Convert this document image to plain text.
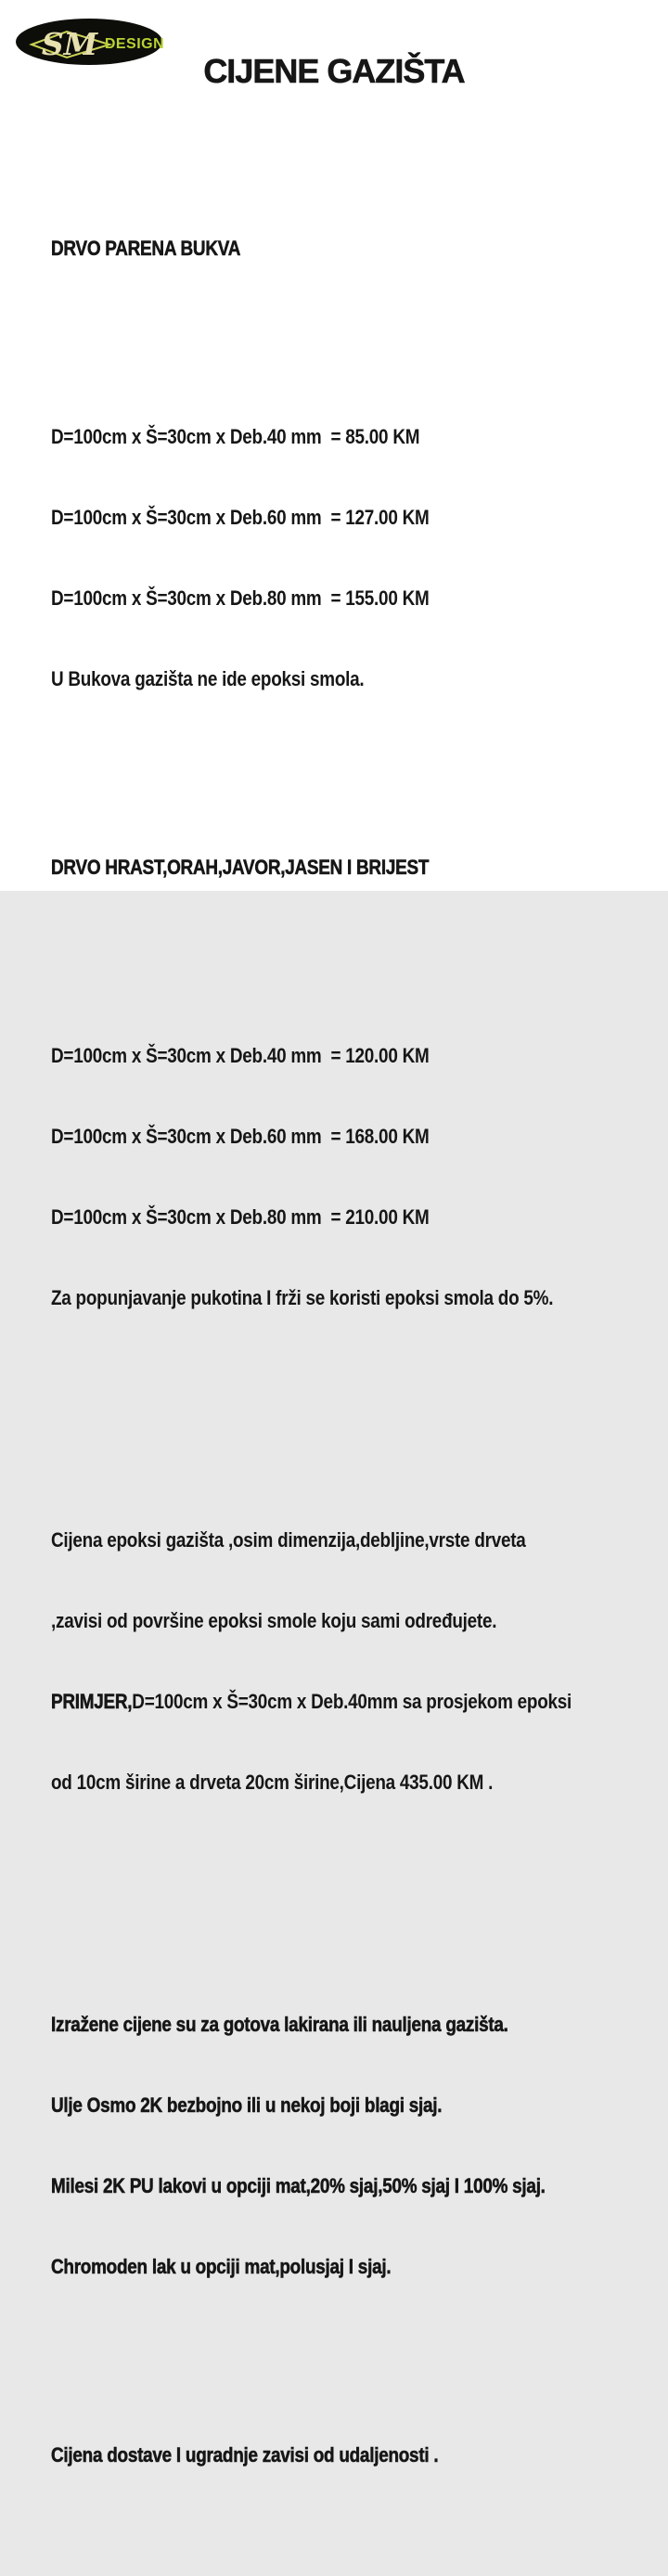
SM DESIGN
CIJENE GAZIŠTA

DRVO PARENA BUKVA

D=100cm x Š=30cm x Deb.40 mm  = 85.00 KM

D=100cm x Š=30cm x Deb.60 mm  = 127.00 KM

D=100cm x Š=30cm x Deb.80 mm  = 155.00 KM

U Bukova gazišta ne ide epoksi smola.

DRVO HRAST,ORAH,JAVOR,JASEN I BRIJEST

D=100cm x Š=30cm x Deb.40 mm  = 120.00 KM

D=100cm x Š=30cm x Deb.60 mm  = 168.00 KM

D=100cm x Š=30cm x Deb.80 mm  = 210.00 KM

Za popunjavanje pukotina I frži se koristi epoksi smola do 5%.

Cijena epoksi gazišta ,osim dimenzija,debljine,vrste drveta

,zavisi od površine epoksi smole koju sami određujete.

PRIMJER,D=100cm x Š=30cm x Deb.40mm sa prosjekom epoksi

od 10cm širine a drveta 20cm širine,Cijena 435.00 KM .

Izražene cijene su za gotova lakirana ili nauljena gazišta.

Ulje Osmo 2K bezbojno ili u nekoj boji blagi sjaj.

Milesi 2K PU lakovi u opciji mat,20% sjaj,50% sjaj I 100% sjaj.

Chromoden lak u opciji mat,polusjaj I sjaj.

Cijena dostave I ugradnje zavisi od udaljenosti .
